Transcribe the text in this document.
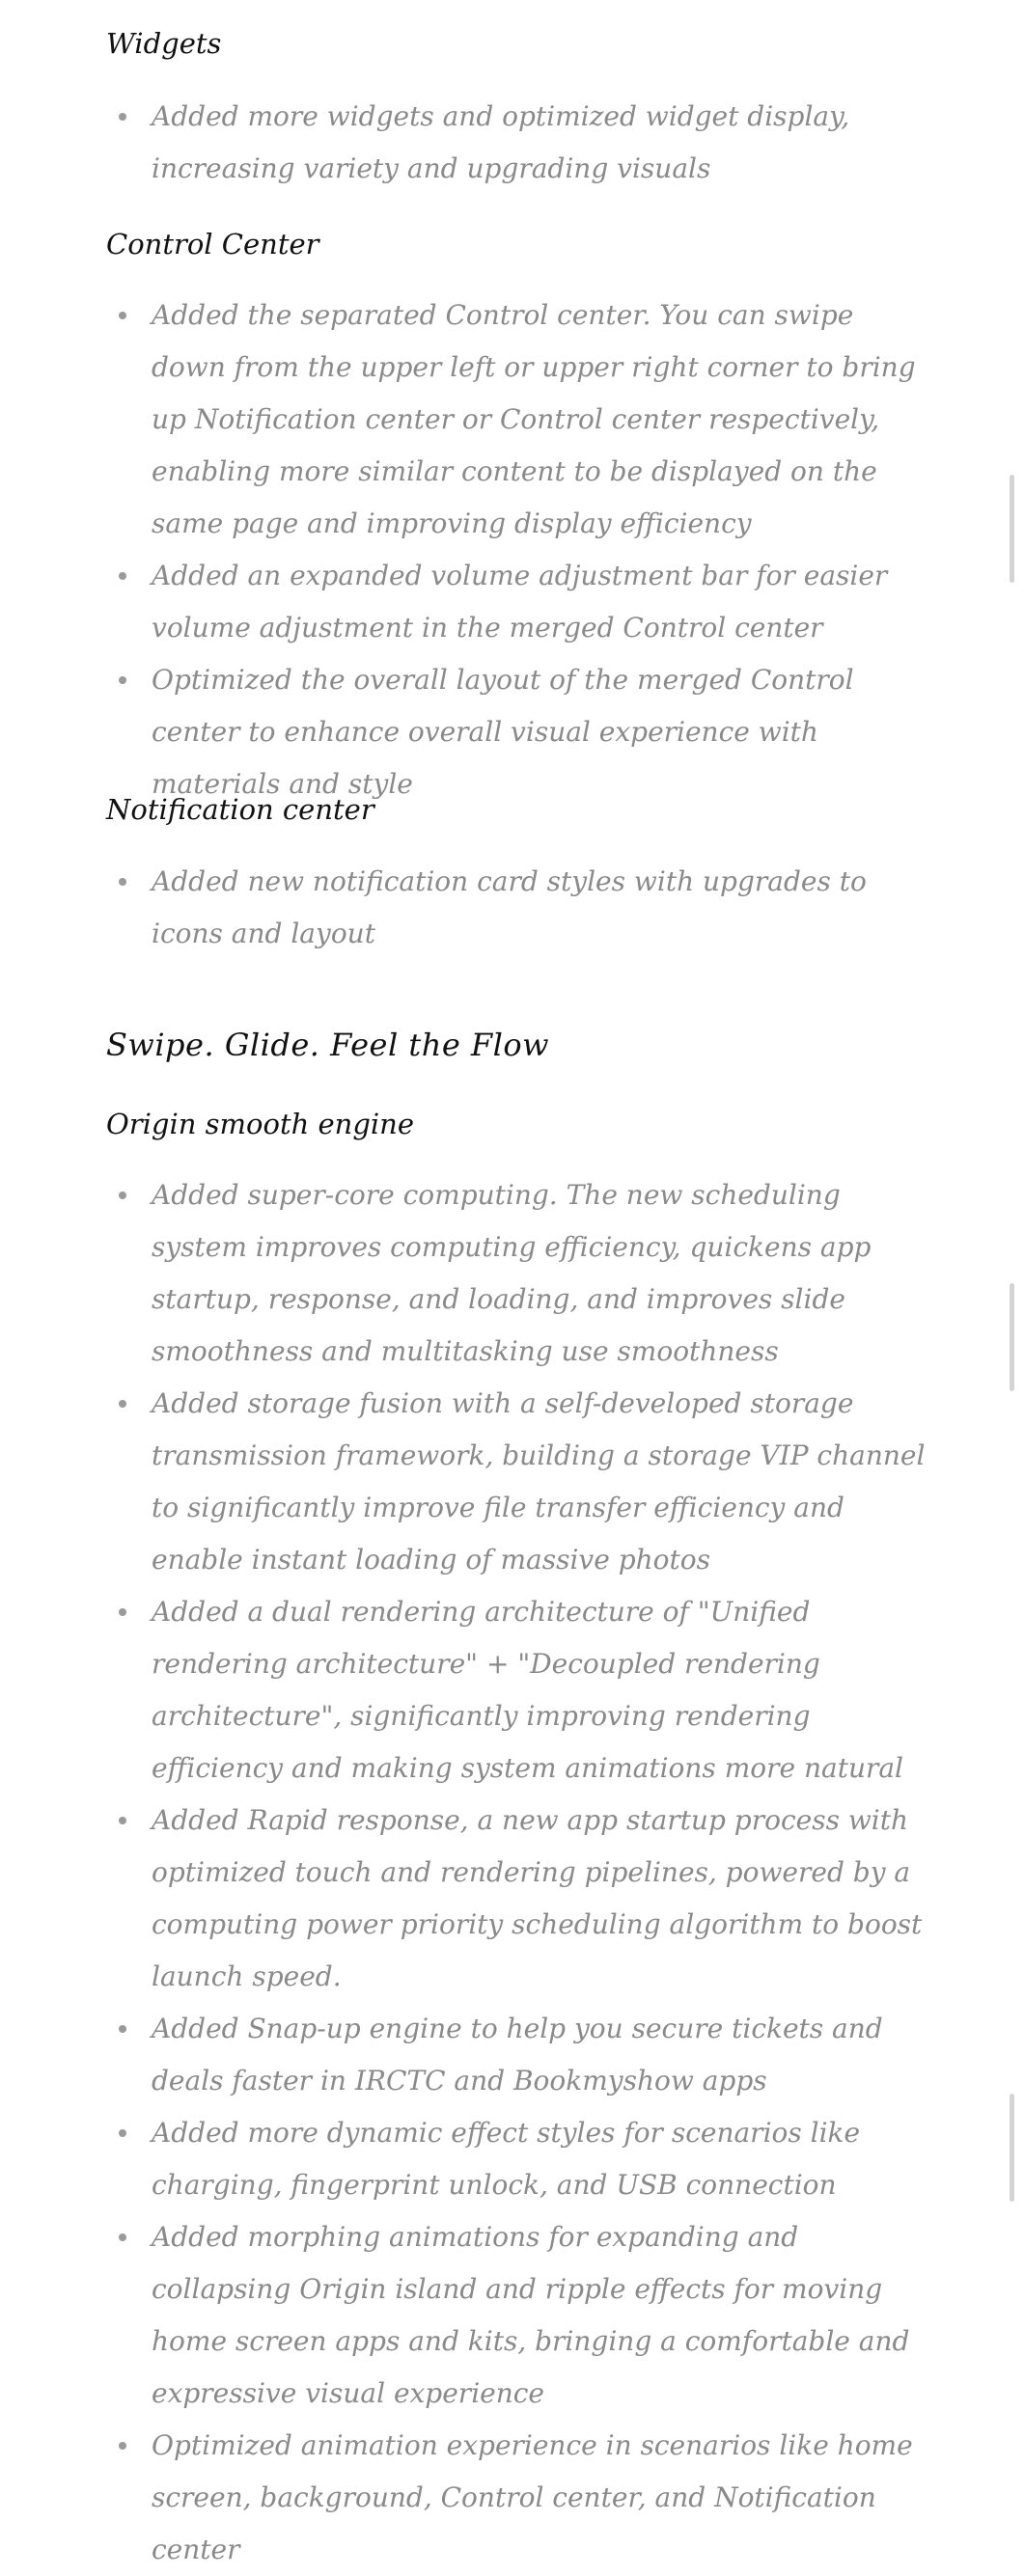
Widgets
Added more widgets and optimized widget display, increasing variety and upgrading visuals
Control Center
Added the separated Control center. You can swipe down from the upper left or upper right corner to bring up Notification center or Control center respectively, enabling more similar content to be displayed on the same page and improving display efficiency
Added an expanded volume adjustment bar for easier volume adjustment in the merged Control center
Optimized the overall layout of the merged Control center to enhance overall visual experience with materials and style
Notification center
Added new notification card styles with upgrades to icons and layout
Swipe. Glide. Feel the Flow
Origin smooth engine
Added super-core computing. The new scheduling system improves computing efficiency, quickens app startup, response, and loading, and improves slide smoothness and multitasking use smoothness
Added storage fusion with a self-developed storage transmission framework, building a storage VIP channel to significantly improve file transfer efficiency and enable instant loading of massive photos
Added a dual rendering architecture of "Unified rendering architecture" + "Decoupled rendering architecture", significantly improving rendering efficiency and making system animations more natural
Added Rapid response, a new app startup process with optimized touch and rendering pipelines, powered by a computing power priority scheduling algorithm to boost launch speed.
Added Snap-up engine to help you secure tickets and deals faster in IRCTC and Bookmyshow apps
Added more dynamic effect styles for scenarios like charging, fingerprint unlock, and USB connection
Added morphing animations for expanding and collapsing Origin island and ripple effects for moving home screen apps and kits, bringing a comfortable and expressive visual experience
Optimized animation experience in scenarios like home screen, background, Control center, and Notification center
